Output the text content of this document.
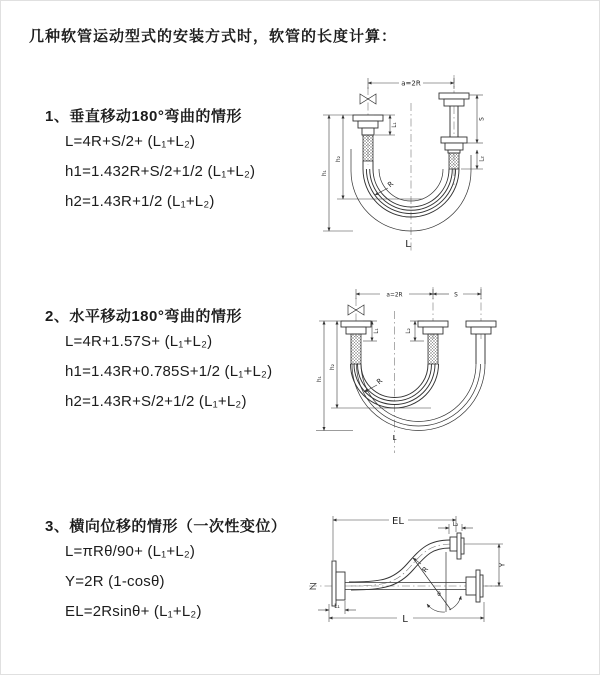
几种软管运动型式的安装方式时，软管的长度计算：
1、垂直移动180°弯曲的情形
L=4R+S/2+ (L₁+L₂)
h1=1.432R+S/2+1/2 (L₁+L₂)
h2=1.43R+1/2 (L₁+L₂)
a=2R
L₁
S
L₂
h₂
h₁
R
L
2、水平移动180°弯曲的情形
L=4R+1.57S+ (L₁+L₂)
h1=1.43R+0.785S+1/2 (L₁+L₂)
h2=1.43R+S/2+1/2 (L₁+L₂)
a=2R	S
L₁	L₂
h₂
h₁	R
L
3、横向位移的情形（一次性变位）
L=πRθ/90+ (L₁+L₂)
Y=2R (1-cosθ)
EL=2Rsinθ+ (L₁+L₂)
R
θ
EL	L₂
Y
L₁
L
